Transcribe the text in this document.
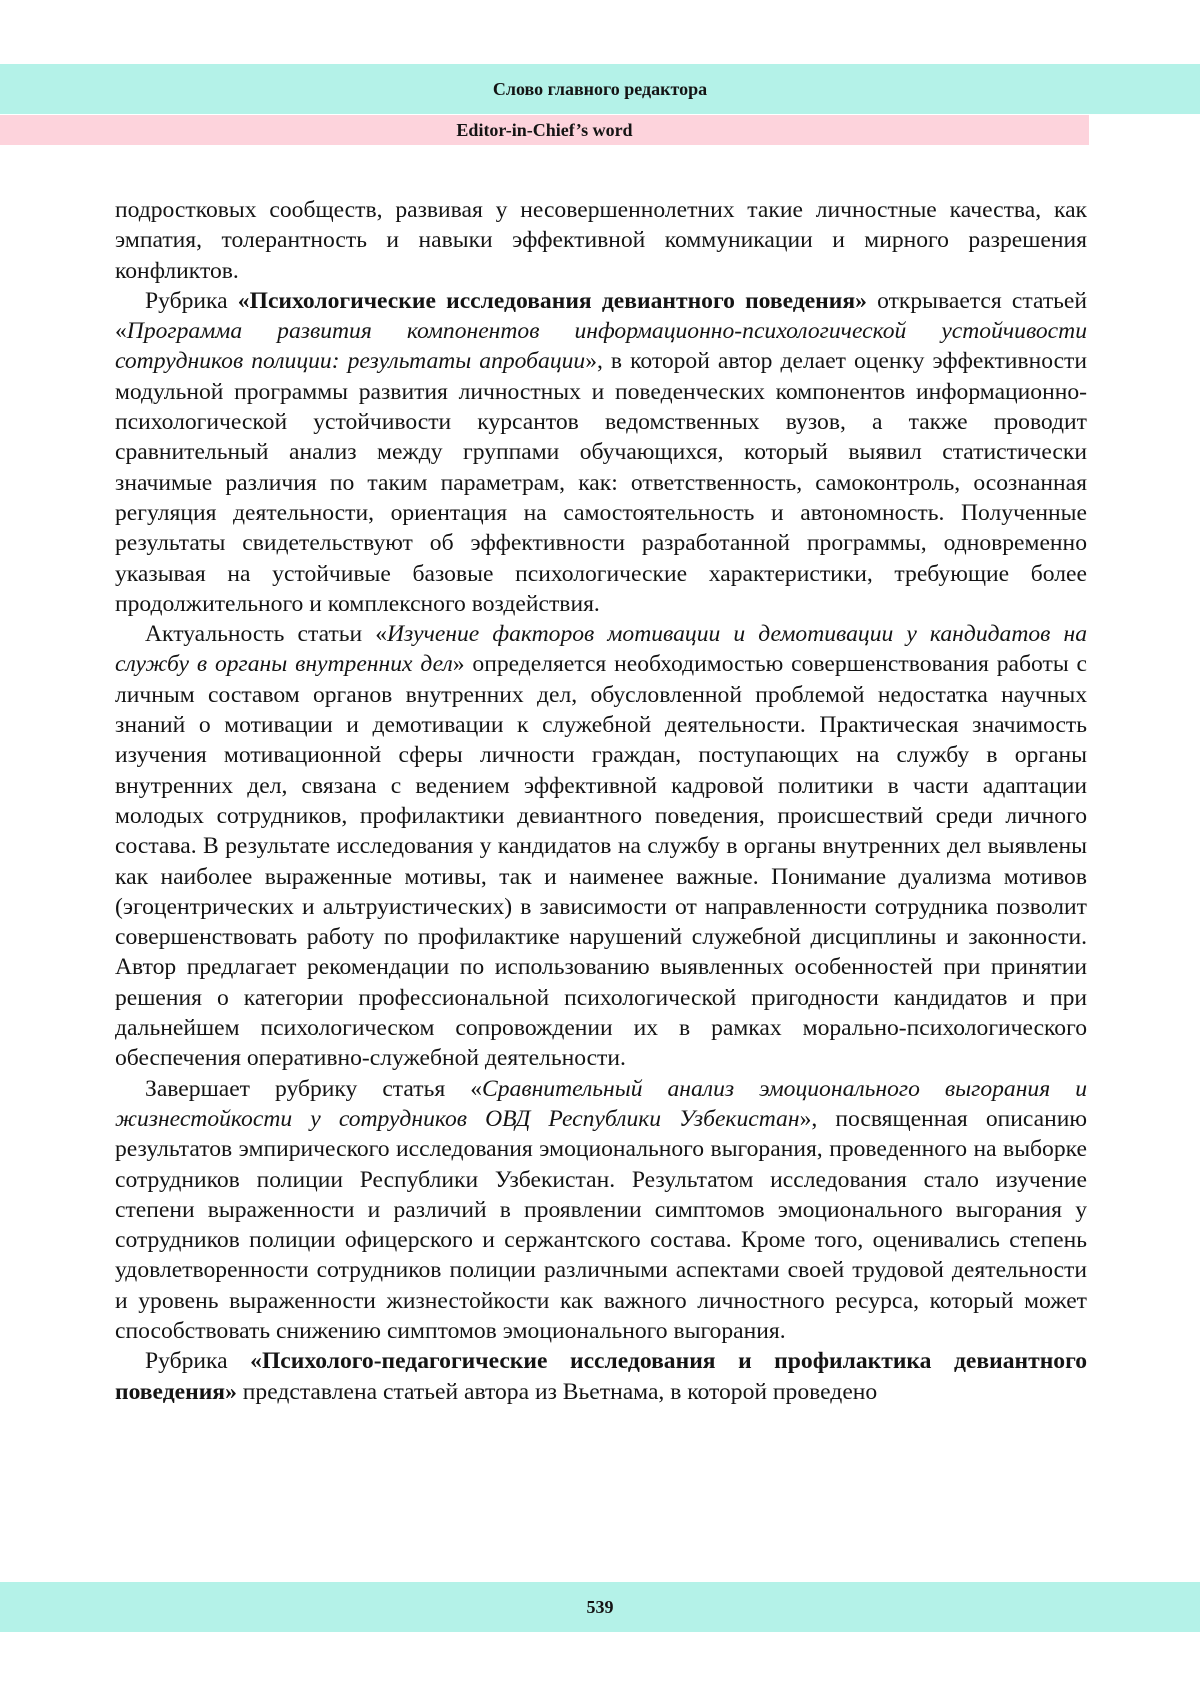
Слово главного редактора
Editor-in-Chief’s word

подростковых сообществ, развивая у несовершеннолетних такие личностные качества, как эмпатия, толерантность и навыки эффективной коммуникации и мирного разрешения конфликтов.

Рубрика «Психологические исследования девиантного поведения» открывается статьей «Программа развития компонентов информационно-психологической устойчивости сотрудников полиции: результаты апробации», в которой автор делает оценку эффективности модульной программы развития личностных и поведенческих компонентов информационно-психологической устойчивости курсантов ведомственных вузов, а также проводит сравнительный анализ между группами обучающихся, который выявил статистически значимые различия по таким параметрам, как: ответственность, самоконтроль, осознанная регуляция деятельности, ориентация на самостоятельность и автономность. Полученные результаты свидетельствуют об эффективности разработанной программы, одновременно указывая на устойчивые базовые психологические характеристики, требующие более продолжительного и комплексного воздействия.

Актуальность статьи «Изучение факторов мотивации и демотивации у кандидатов на службу в органы внутренних дел» определяется необходимостью совершенствования работы с личным составом органов внутренних дел, обусловленной проблемой недостатка научных знаний о мотивации и демотивации к служебной деятельности. Практическая значимость изучения мотивационной сферы личности граждан, поступающих на службу в органы внутренних дел, связана с ведением эффективной кадровой политики в части адаптации молодых сотрудников, профилактики девиантного поведения, происшествий среди личного состава. В результате исследования у кандидатов на службу в органы внутренних дел выявлены как наиболее выраженные мотивы, так и наименее важные. Понимание дуализма мотивов (эгоцентрических и альтруистических) в зависимости от направленности сотрудника позволит совершенствовать работу по профилактике нарушений служебной дисциплины и законности. Автор предлагает рекомендации по использованию выявленных особенностей при принятии решения о категории профессиональной психологической пригодности кандидатов и при дальнейшем психологическом сопровождении их в рамках морально-психологического обеспечения оперативно-служебной деятельности.

Завершает рубрику статья «Сравнительный анализ эмоционального выгорания и жизнестойкости у сотрудников ОВД Республики Узбекистан», посвященная описанию результатов эмпирического исследования эмоционального выгорания, проведенного на выборке сотрудников полиции Республики Узбекистан. Результатом исследования стало изучение степени выраженности и различий в проявлении симптомов эмоционального выгорания у сотрудников полиции офицерского и сержантского состава. Кроме того, оценивались степень удовлетворенности сотрудников полиции различными аспектами своей трудовой деятельности и уровень выраженности жизнестойкости как важного личностного ресурса, который может способствовать снижению симптомов эмоционального выгорания.

Рубрика «Психолого-педагогические исследования и профилактика девиантного поведения» представлена статьей автора из Вьетнама, в которой проведено

539
